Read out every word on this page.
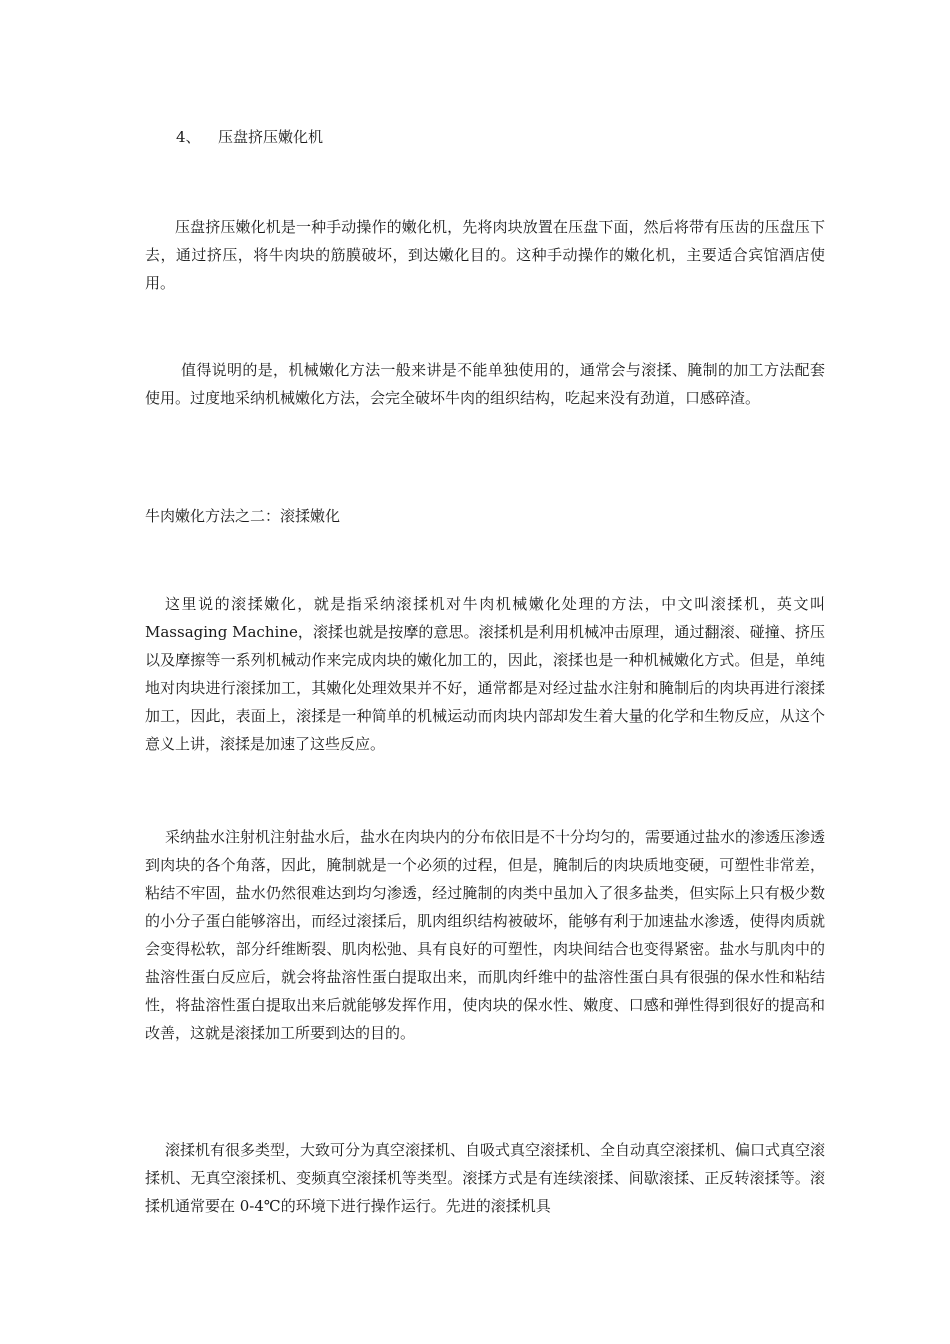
4、 压盘挤压嫩化机

压盘挤压嫩化机是一种手动操作的嫩化机，先将肉块放置在压盘下面，然后将带有压齿的压盘压下去，通过挤压，将牛肉块的筋膜破坏，到达嫩化目的。这种手动操作的嫩化机，主要适合宾馆酒店使用。

值得说明的是，机械嫩化方法一般来讲是不能单独使用的，通常会与滚揉、腌制的加工方法配套使用。过度地采纳机械嫩化方法，会完全破坏牛肉的组织结构，吃起来没有劲道，口感碎渣。

牛肉嫩化方法之二：滚揉嫩化

这里说的滚揉嫩化，就是指采纳滚揉机对牛肉机械嫩化处理的方法，中文叫滚揉机，英文叫 Massaging Machine，滚揉也就是按摩的意思。滚揉机是利用机械冲击原理，通过翻滚、碰撞、挤压以及摩擦等一系列机械动作来完成肉块的嫩化加工的，因此，滚揉也是一种机械嫩化方式。但是，单纯地对肉块进行滚揉加工，其嫩化处理效果并不好，通常都是对经过盐水注射和腌制后的肉块再进行滚揉加工，因此，表面上，滚揉是一种简单的机械运动而肉块内部却发生着大量的化学和生物反应，从这个意义上讲，滚揉是加速了这些反应。

采纳盐水注射机注射盐水后，盐水在肉块内的分布依旧是不十分均匀的，需要通过盐水的渗透压渗透到肉块的各个角落，因此，腌制就是一个必须的过程，但是，腌制后的肉块质地变硬，可塑性非常差，粘结不牢固，盐水仍然很难达到均匀渗透，经过腌制的肉类中虽加入了很多盐类，但实际上只有极少数的小分子蛋白能够溶出，而经过滚揉后，肌肉组织结构被破坏，能够有利于加速盐水渗透，使得肉质就会变得松软，部分纤维断裂、肌肉松弛、具有良好的可塑性，肉块间结合也变得紧密。盐水与肌肉中的盐溶性蛋白反应后，就会将盐溶性蛋白提取出来，而肌肉纤维中的盐溶性蛋白具有很强的保水性和粘结性，将盐溶性蛋白提取出来后就能够发挥作用，使肉块的保水性、嫩度、口感和弹性得到很好的提高和改善，这就是滚揉加工所要到达的目的。

滚揉机有很多类型，大致可分为真空滚揉机、自吸式真空滚揉机、全自动真空滚揉机、偏口式真空滚揉机、无真空滚揉机、变频真空滚揉机等类型。滚揉方式是有连续滚揉、间歇滚揉、正反转滚揉等。滚揉机通常要在 0-4℃的环境下进行操作运行。先进的滚揉机具
